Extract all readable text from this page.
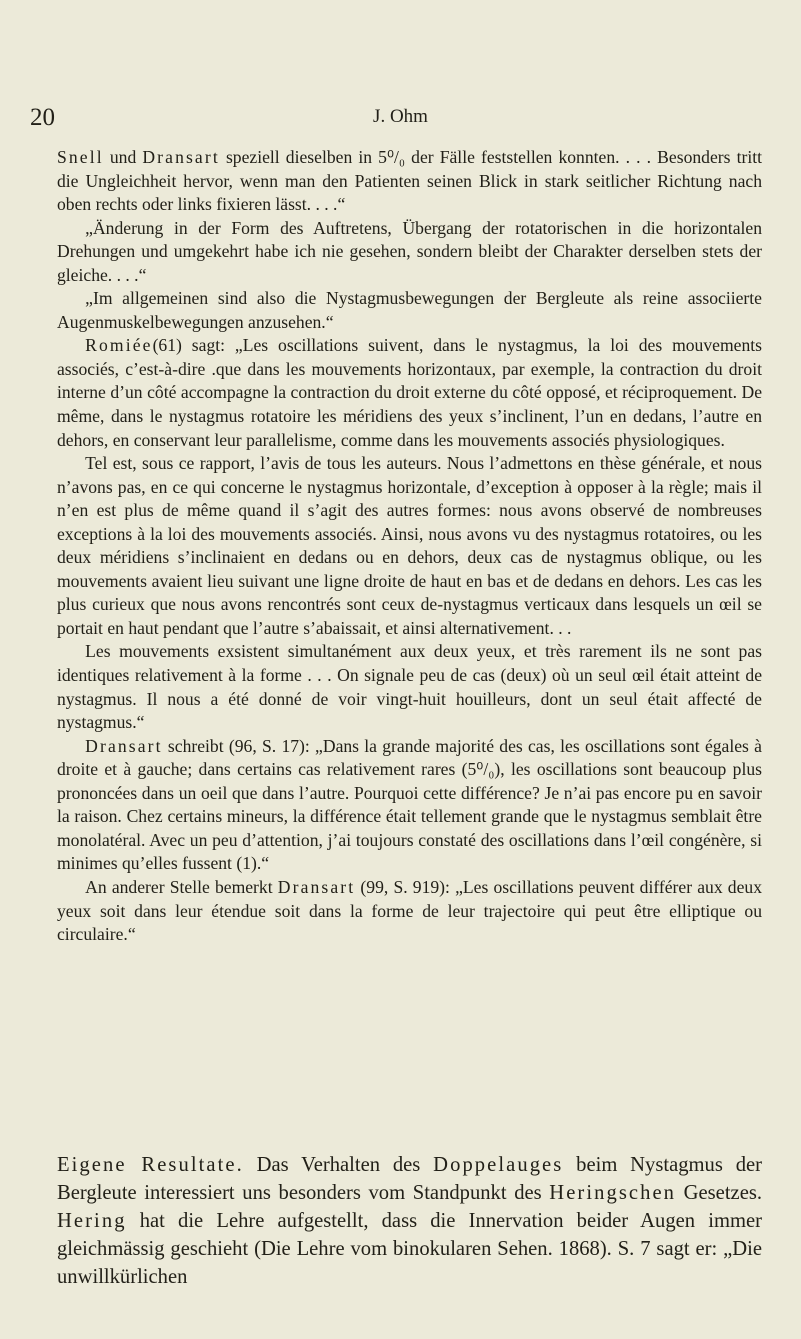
20	J. Ohm

Snell und Dransart speziell dieselben in 5⁰/₀ der Fälle feststellen konnten. . . . Besonders tritt die Ungleichheit hervor, wenn man den Patienten seinen Blick in stark seitlicher Richtung nach oben rechts oder links fixieren lässt. . . .“

„Änderung in der Form des Auftretens, Übergang der rotatorischen in die horizontalen Drehungen und umgekehrt habe ich nie gesehen, sondern bleibt der Charakter derselben stets der gleiche. . . .“

„Im allgemeinen sind also die Nystagmusbewegungen der Bergleute als reine associierte Augenmuskelbewegungen anzusehen.“

Romiée(61) sagt: „Les oscillations suivent, dans le nystagmus, la loi des mouvements associés, c’est-à-dire .que dans les mouvements horizontaux, par exemple, la contraction du droit interne d’un côté accompagne la contraction du droit externe du côté opposé, et réciproquement. De même, dans le nystagmus rotatoire les méridiens des yeux s’inclinent, l’un en dedans, l’autre en dehors, en conservant leur parallelisme, comme dans les mouvements associés physiologiques.

Tel est, sous ce rapport, l’avis de tous les auteurs. Nous l’admettons en thèse générale, et nous n’avons pas, en ce qui concerne le nystagmus horizontale, d’exception à opposer à la règle; mais il n’en est plus de même quand il s’agit des autres formes: nous avons observé de nombreuses exceptions à la loi des mouvements associés. Ainsi, nous avons vu des nystagmus rotatoires, ou les deux méridiens s’inclinaient en dedans ou en dehors, deux cas de nystagmus oblique, ou les mouvements avaient lieu suivant une ligne droite de haut en bas et de dedans en dehors. Les cas les plus curieux que nous avons rencontrés sont ceux de-nystagmus verticaux dans lesquels un œil se portait en haut pendant que l’autre s’abaissait, et ainsi alternativement. . .

Les mouvements exsistent simultanément aux deux yeux, et très rarement ils ne sont pas identiques relativement à la forme . . . On signale peu de cas (deux) où un seul œil était atteint de nystagmus. Il nous a été donné de voir vingt-huit houilleurs, dont un seul était affecté de nystagmus.“

Dransart schreibt (96, S. 17): „Dans la grande majorité des cas, les oscillations sont égales à droite et à gauche; dans certains cas relativement rares (5⁰/₀), les oscillations sont beaucoup plus prononcées dans un oeil que dans l’autre. Pourquoi cette différence? Je n’ai pas encore pu en savoir la raison. Chez certains mineurs, la différence était tellement grande que le nystagmus semblait être monolatéral. Avec un peu d’attention, j’ai toujours constaté des oscillations dans l’œil congénère, si minimes qu’elles fussent (1).“

An anderer Stelle bemerkt Dransart (99, S. 919): „Les oscillations peuvent différer aux deux yeux soit dans leur étendue soit dans la forme de leur trajectoire qui peut être elliptique ou circulaire.“

Eigene Resultate. Das Verhalten des Doppelauges beim Nystagmus der Bergleute interessiert uns besonders vom Standpunkt des Heringschen Gesetzes. Hering hat die Lehre aufgestellt, dass die Innervation beider Augen immer gleichmässig geschieht (Die Lehre vom binokularen Sehen. 1868). S. 7 sagt er: „Die unwillkürlichen
